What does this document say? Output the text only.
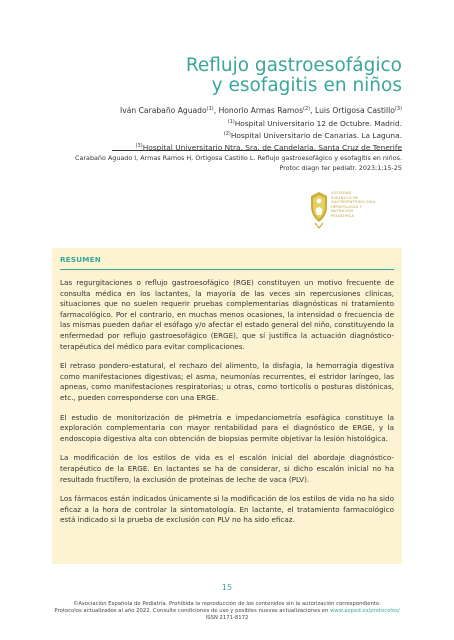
Reflujo gastroesofágico
y esofagitis en niños
Iván Carabaño Aguado$^{(1)}$, Honorio Armas Ramos$^{(2)}$, Luis Ortigosa Castillo$^{(3)}$
$^{(1)}$Hospital Universitario 12 de Octubre. Madrid.
$^{(2)}$Hospital Universitario de Canarias. La Laguna.
$^{(3)}$Hospital Universitario Ntra. Sra. de Candelaria. Santa Cruz de Tenerife
Carabaño Aguado I, Armas Ramos H, Ortigosa Castillo L. Reflujo gastroesofágico y esofagitis en niños.
Protoc diagn ter pediatr. 2023;1:15-25
SOCIEDAD
ESPAÑOLA DE
GASTROENTEROLOGÍA
HEPATOLOGÍA Y
NUTRICIÓN
PEDIÁTRICA
RESUMEN

Las regurgitaciones o reflujo gastroesofágico (RGE) constituyen un motivo frecuente de consulta médica en los lactantes, la mayoría de las veces sin repercusiones clínicas, situaciones que no suelen requerir pruebas complementarias diagnósticas ni tratamiento farmacológico. Por el contrario, en muchas menos ocasiones, la intensidad o frecuencia de las mismas pueden dañar el esófago y/o afectar el estado general del niño, constituyendo la enfermedad por reflujo gastroesofágico (ERGE), que sí justifica la actuación diagnóstico-terapéutica del médico para evitar complicaciones.

El retraso pondero-estatural, el rechazo del alimento, la disfagia, la hemorragia digestiva como manifestaciones digestivas; el asma, neumonías recurrentes, el estridor laríngeo, las apneas, como manifestaciones respiratorias; u otras, como torticolis o posturas distónicas, etc., pueden corresponderse con una ERGE.

El estudio de monitorización de pHmetría e impedanciometría esofágica constituye la exploración complementaria con mayor rentabilidad para el diagnóstico de ERGE, y la endoscopia digestiva alta con obtención de biopsias permite objetivar la lesión histológica.

La modificación de los estilos de vida es el escalón inicial del abordaje diagnóstico-terapéutico de la ERGE. En lactantes se ha de considerar, si dicho escalón inicial no ha resultado fructífero, la exclusión de proteínas de leche de vaca (PLV).

Los fármacos están indicados únicamente si la modificación de los estilos de vida no ha sido eficaz a la hora de controlar la sintomatología. En lactante, el tratamiento farmacológico está indicado si la prueba de exclusión con PLV no ha sido eficaz.

15
©Asociación Española de Pediatría. Prohibida la reproducción de los contenidos sin la autorización correspondiente.
Protocolos actualizados al año 2022. Consulte condiciones de uso y posibles nuevas actualizaciones en www.aeped.es/protocolos/
ISSN 2171-8172
